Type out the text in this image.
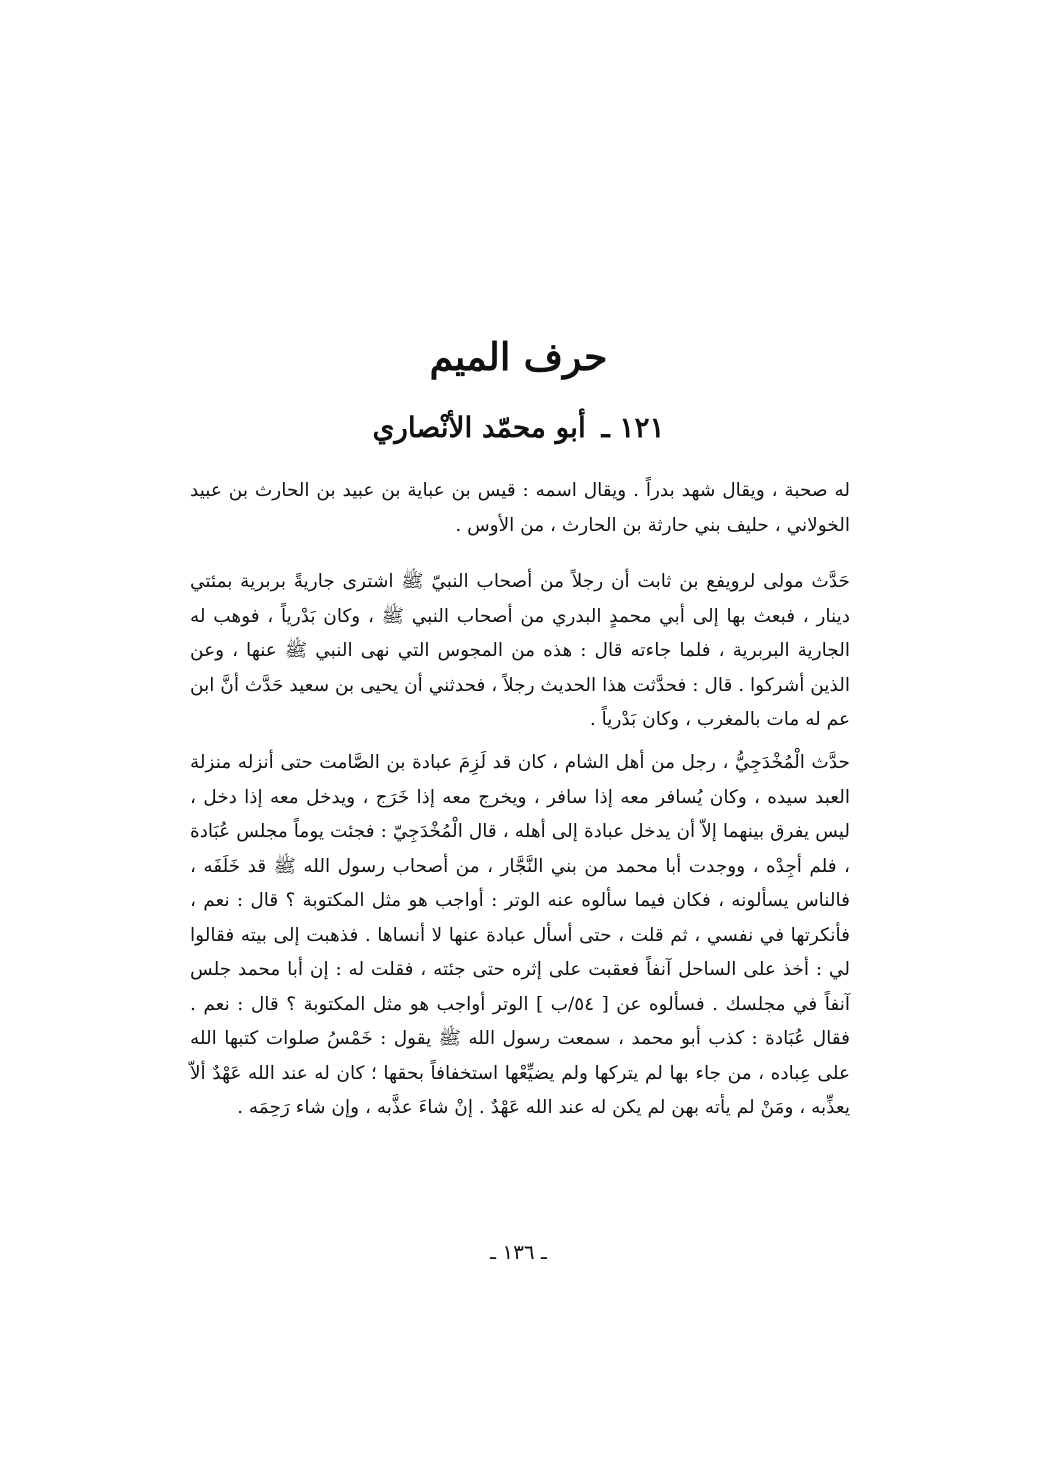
حرف الميم
١٢١ ـ أبو محمّد الأنْصاري

له صحبة ، ويقال شهد بدراً . ويقال اسمه : قيس بن عباية بن عبيد بن الحارث بن عبيد الخولاني ، حليف بني حارثة بن الحارث ، من الأوس .

حَدَّث مولى لرويفع بن ثابت أن رجلاً من أصحاب النبيّ ﷺ اشترى جاريةً بربرية بمئتي دينار ، فبعث بها إلى أبي محمدٍ البدري من أصحاب النبي ﷺ ، وكان بَدْرياً ، فوهب له الجارية البربرية ، فلما جاءته قال : هذه من المجوس التي نهى النبي ﷺ عنها ، وعن الذين أشركوا . قال : فحدَّثت هذا الحديث رجلاً ، فحدثني أن يحيى بن سعيد حَدَّث أنَّ ابن عم له مات بالمغرب ، وكان بَدْرياً .

حدَّث الْمُخْدَجِيُّ ، رجل من أهل الشام ، كان قد لَزِمَ عبادة بن الصَّامت حتى أنزله منزلة العبد سيده ، وكان يُسافر معه إذا سافر ، ويخرج معه إذا خَرَج ، ويدخل معه إذا دخل ، ليس يفرق بينهما إلاّ أن يدخل عبادة إلى أهله ، قال الْمُخْدَجِيّ : فجئت يوماً مجلس عُبَادة ، فلم أجِدْه ، ووجدت أبا محمد من بني النَّجَّار ، من أصحاب رسول الله ﷺ قد خَلَفَه ، فالناس يسألونه ، فكان فيما سألوه عنه الوتر : أواجب هو مثل المكتوبة ؟ قال : نعم ، فأنكرتها في نفسي ، ثم قلت ، حتى أسأل عبادة عنها لا أنساها . فذهبت إلى بيته فقالوا لي : أخذ على الساحل آنفاً فعقبت على إثره حتى جئته ، فقلت له : إن أبا محمد جلس آنفاً في مجلسك . فسألوه عن [ ٥٤/ب ] الوتر أواجب هو مثل المكتوبة ؟ قال : نعم . فقال عُبَادة : كذب أبو محمد ، سمعت رسول الله ﷺ يقول : خَمْسُ صلوات كتبها الله على عِباده ، من جاء بها لم يتركها ولم يضيِّعْها استخفافاً بحقها ؛ كان له عند الله عَهْدٌ ألاّ يعذِّبه ، ومَنْ لم يأته بهن لم يكن له عند الله عَهْدٌ . إنْ شاءَ عذَّبه ، وإن شاء رَحِمَه .

ـ ١٣٦ ـ
